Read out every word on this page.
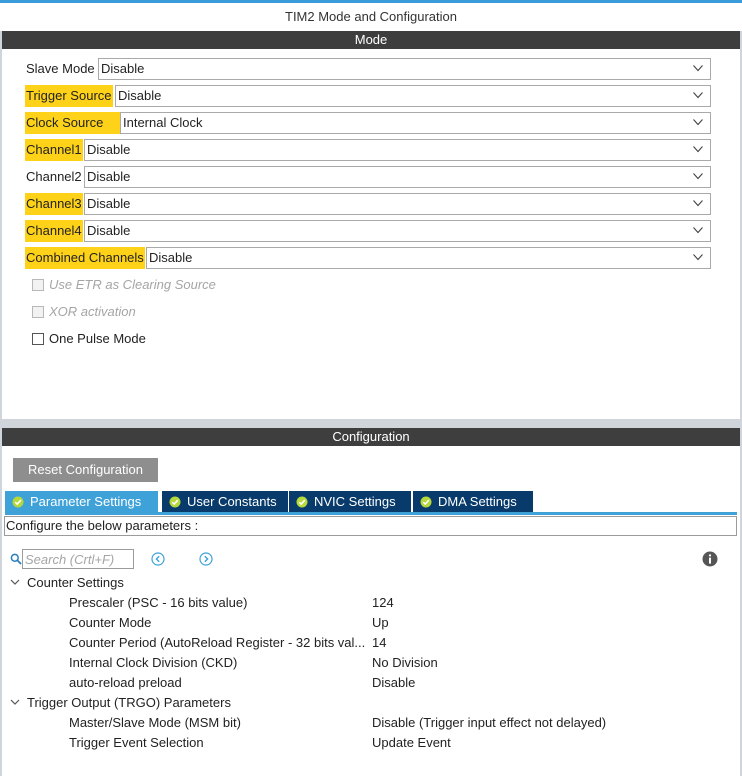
TIM2 Mode and Configuration
Mode
Slave Mode Disable
Trigger Source Disable
Clock Source	Internal Clock
Channel1 Disable
Channel2 Disable
Channel3 Disable
Channel4 Disable
Combined Channels Disable
Use ETR as Clearing Source
XOR activation
One Pulse Mode
Configuration
Reset Configuration
Parameter Settings	User Constants	NVIC Settings	DMA Settings
Configure the below parameters :
Search (Crtl+F)
Counter Settings
Prescaler (PSC - 16 bits value)	124
Counter Mode	Up
Counter Period (AutoReload Register - 32 bits val... 14
Internal Clock Division (CKD)	No Division
auto-reload preload	Disable
Trigger Output (TRGO) Parameters
Master/Slave Mode (MSM bit)	Disable (Trigger input effect not delayed)
Trigger Event Selection	Update Event
